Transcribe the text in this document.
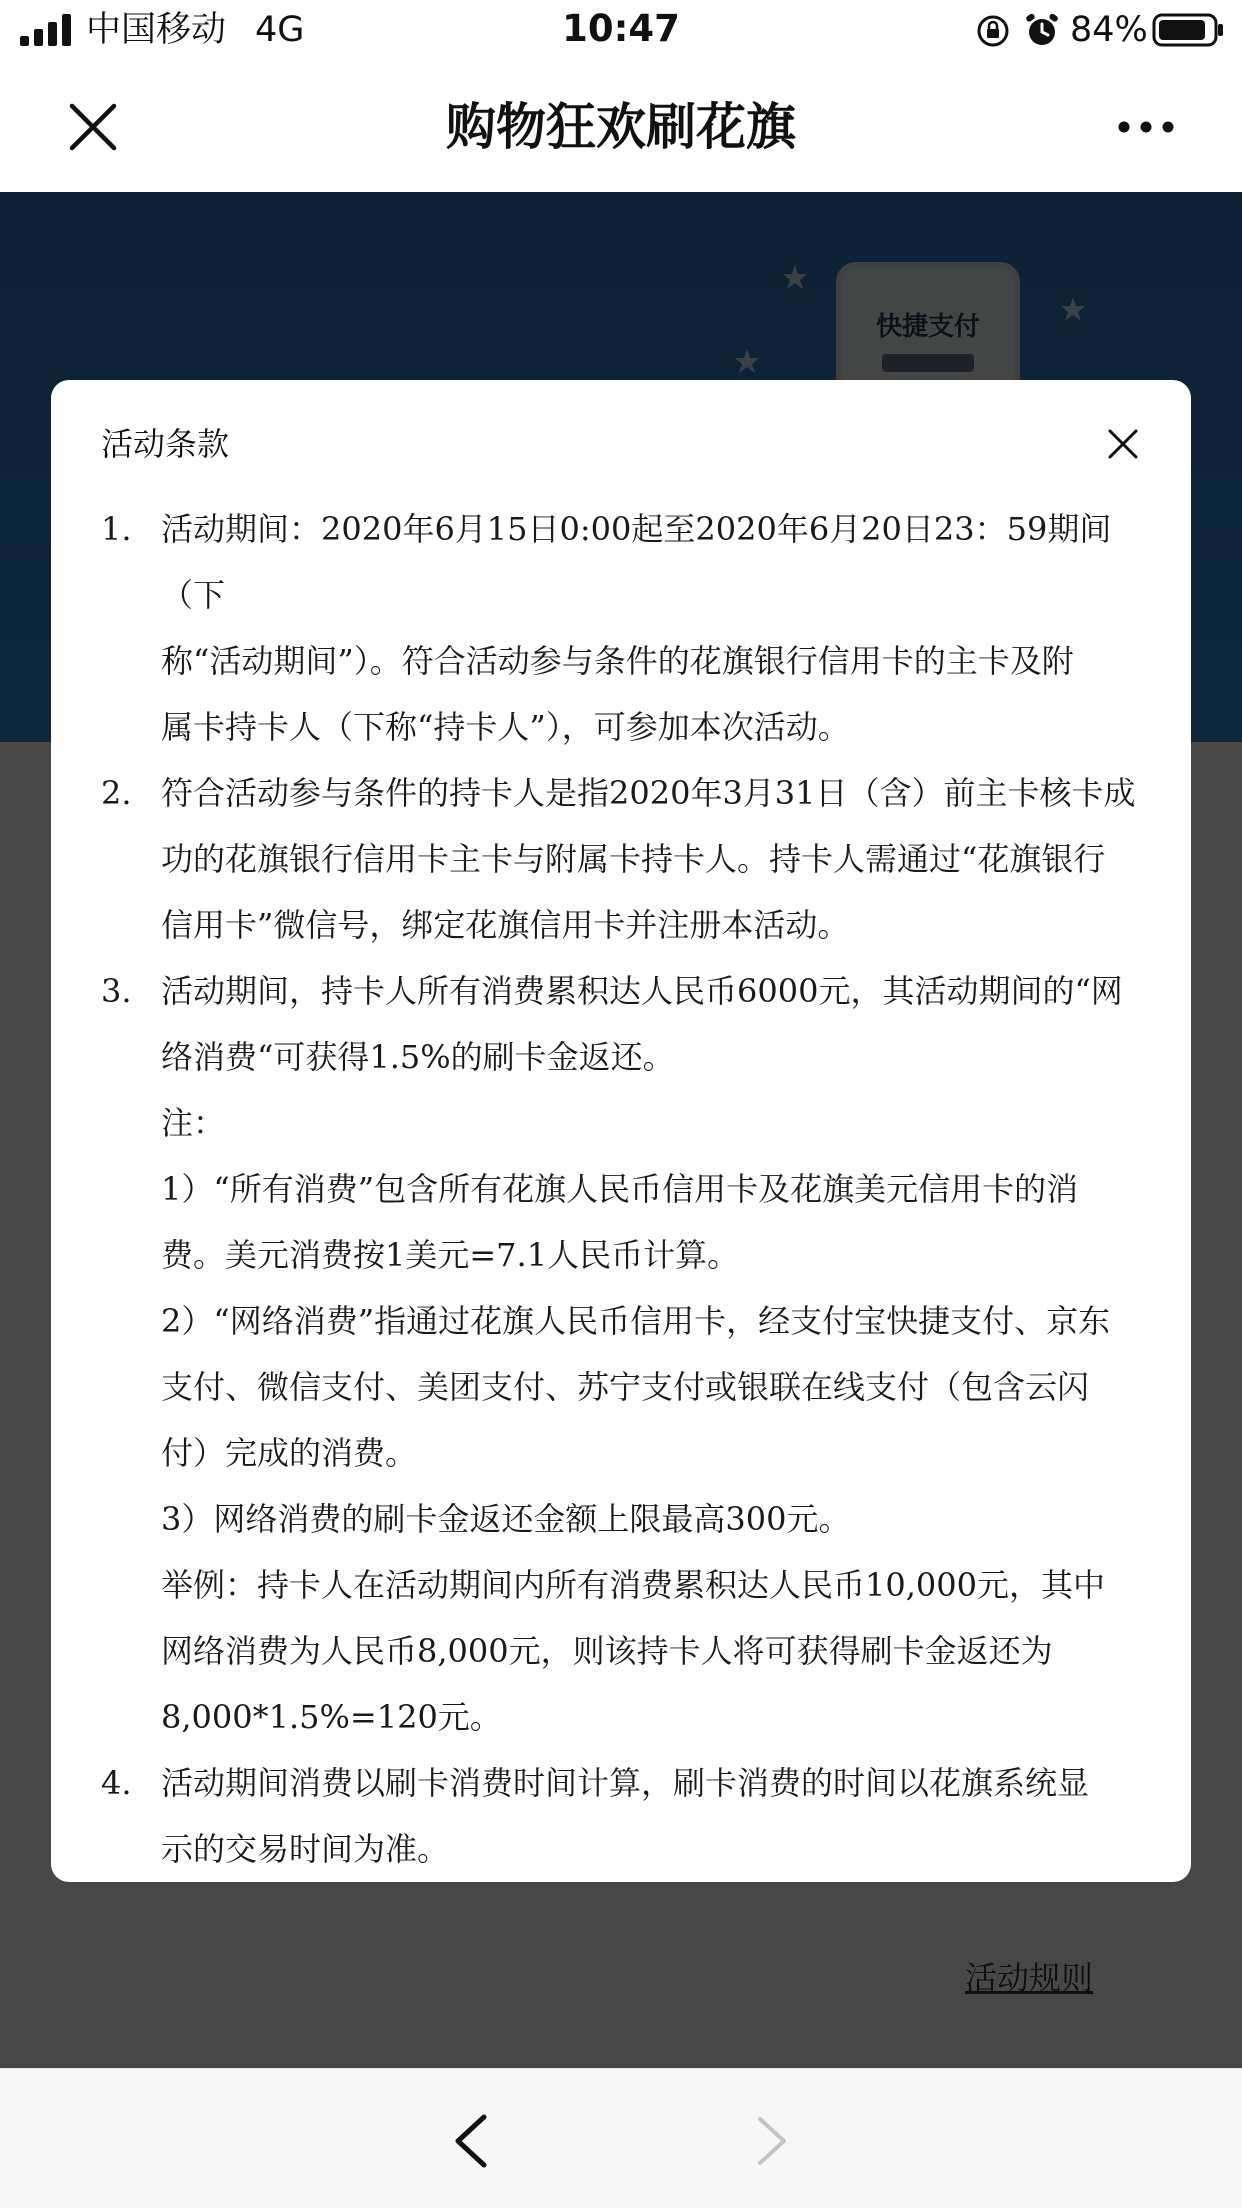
中国移动 4G	10:47	84%
购物狂欢刷花旗
活动条款
1. 活动期间：2020年6月15日0:00起至2020年6月20日23：59期间（下
称“活动期间”）。符合活动参与条件的花旗银行信用卡的主卡及附
属卡持卡人（下称“持卡人”），可参加本次活动。
2. 符合活动参与条件的持卡人是指2020年3月31日（含）前主卡核卡成
功的花旗银行信用卡主卡与附属卡持卡人。持卡人需通过“花旗银行
信用卡”微信号，绑定花旗信用卡并注册本活动。
3. 活动期间，持卡人所有消费累积达人民币6000元，其活动期间的“网
络消费“可获得1.5%的刷卡金返还。
注：
1）“所有消费”包含所有花旗人民币信用卡及花旗美元信用卡的消
费。美元消费按1美元=7.1人民币计算。
2）“网络消费”指通过花旗人民币信用卡，经支付宝快捷支付、京东
支付、微信支付、美团支付、苏宁支付或银联在线支付（包含云闪
付）完成的消费。
3）网络消费的刷卡金返还金额上限最高300元。
举例：持卡人在活动期间内所有消费累积达人民币10,000元，其中
网络消费为人民币8,000元，则该持卡人将可获得刷卡金返还为
8,000*1.5%=120元。
4. 活动期间消费以刷卡消费时间计算，刷卡消费的时间以花旗系统显
示的交易时间为准。
